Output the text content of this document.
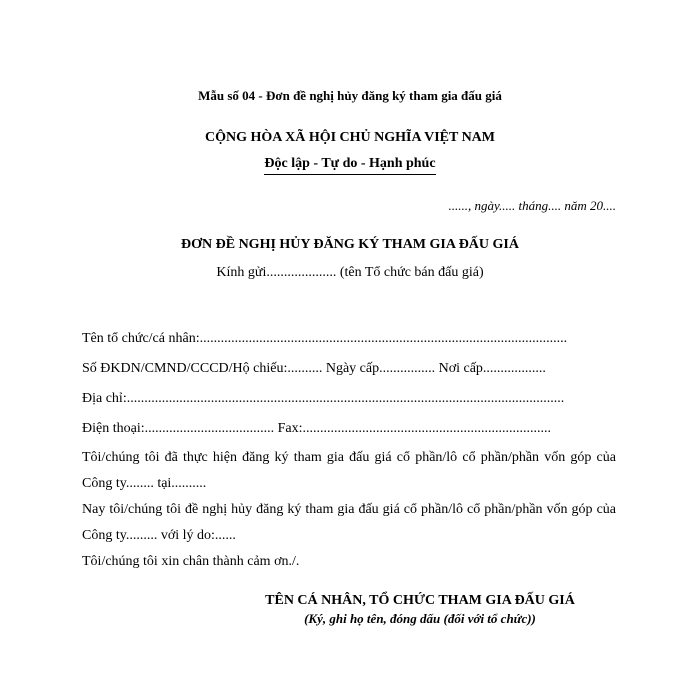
Mẫu số 04 - Đơn đề nghị hủy đăng ký tham gia đấu giá
CỘNG HÒA XÃ HỘI CHỦ NGHĨA VIỆT NAM
Độc lập - Tự do - Hạnh phúc
......, ngày..... tháng.... năm 20....
ĐƠN ĐỀ NGHỊ HỦY ĐĂNG KÝ THAM GIA ĐẤU GIÁ
Kính gửi.................... (tên Tổ chức bán đấu giá)
Tên tổ chức/cá nhân:.........................................................................................................
Số ĐKDN/CMND/CCCD/Hộ chiếu:.......... Ngày cấp................ Nơi cấp..................
Địa chỉ:.............................................................................................................................
Điện thoại:..................................... Fax:.......................................................................
Tôi/chúng tôi đã thực hiện đăng ký tham gia đấu giá cổ phần/lô cổ phần/phần vốn góp của Công ty........ tại..........
Nay tôi/chúng tôi đề nghị hủy đăng ký tham gia đấu giá cổ phần/lô cổ phần/phần vốn góp của Công ty......... với lý do:......
Tôi/chúng tôi xin chân thành cảm ơn./.
TÊN CÁ NHÂN, TỔ CHỨC THAM GIA ĐẤU GIÁ
(Ký, ghi họ tên, đóng dấu (đối với tổ chức))
